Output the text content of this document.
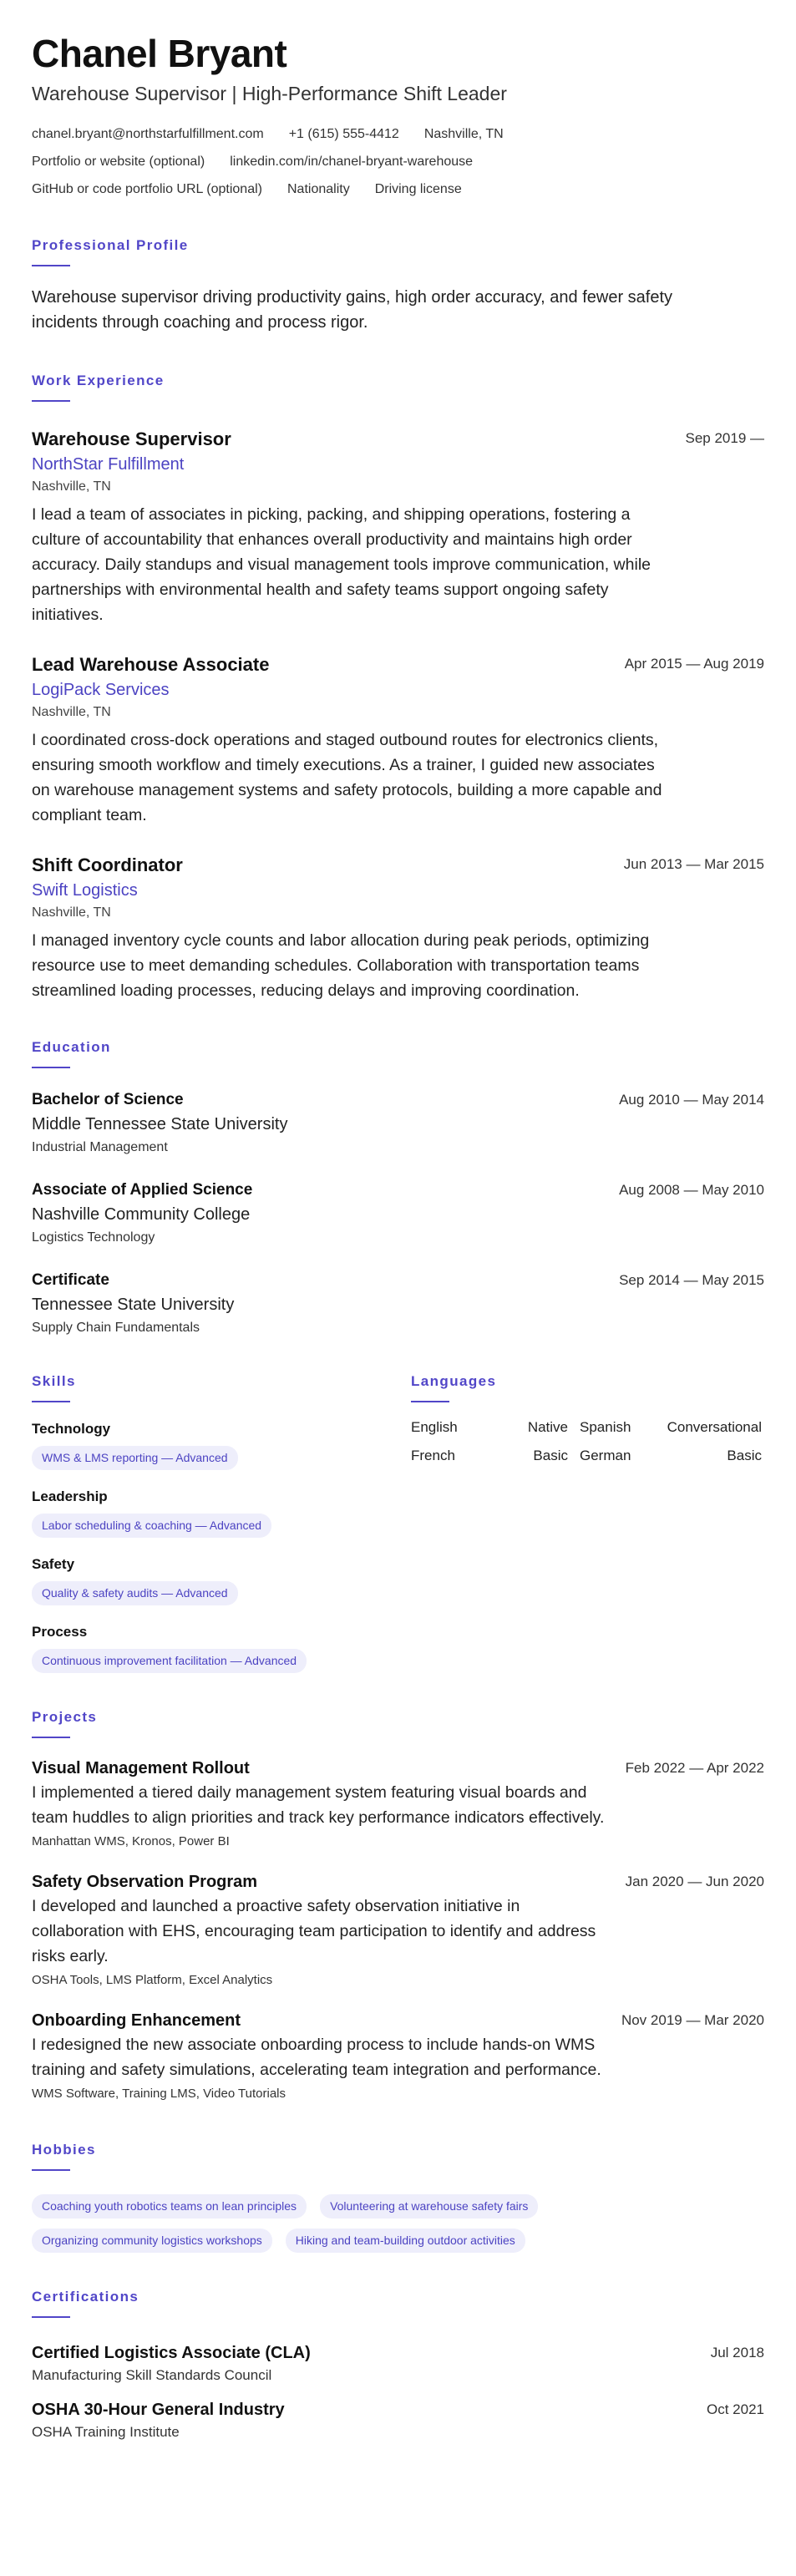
Chanel Bryant
Warehouse Supervisor | High-Performance Shift Leader
chanel.bryant@northstarfulfillment.com +1 (615) 555-4412 Nashville, TN
Portfolio or website (optional) linkedin.com/in/chanel-bryant-warehouse
GitHub or code portfolio URL (optional) Nationality Driving license
Professional Profile
Warehouse supervisor driving productivity gains, high order accuracy, and fewer safety incidents through coaching and process rigor.
Work Experience
Warehouse Supervisor
NorthStar Fulfillment
Nashville, TN
I lead a team of associates in picking, packing, and shipping operations, fostering a culture of accountability that enhances overall productivity and maintains high order accuracy. Daily standups and visual management tools improve communication, while partnerships with environmental health and safety teams support ongoing safety initiatives.
Sep 2019 —
Lead Warehouse Associate
LogiPack Services
Nashville, TN
I coordinated cross-dock operations and staged outbound routes for electronics clients, ensuring smooth workflow and timely executions. As a trainer, I guided new associates on warehouse management systems and safety protocols, building a more capable and compliant team.
Apr 2015 — Aug 2019
Shift Coordinator
Swift Logistics
Nashville, TN
I managed inventory cycle counts and labor allocation during peak periods, optimizing resource use to meet demanding schedules. Collaboration with transportation teams streamlined loading processes, reducing delays and improving coordination.
Jun 2013 — Mar 2015
Education
Bachelor of Science
Middle Tennessee State University
Industrial Management
Aug 2010 — May 2014
Associate of Applied Science
Nashville Community College
Logistics Technology
Aug 2008 — May 2010
Certificate
Tennessee State University
Supply Chain Fundamentals
Sep 2014 — May 2015
Skills
Technology
WMS & LMS reporting — Advanced
Leadership
Labor scheduling & coaching — Advanced
Safety
Quality & safety audits — Advanced
Process
Continuous improvement facilitation — Advanced
Languages
English	Native Spanish	Conversational
French	Basic German	Basic
Projects
Visual Management Rollout
I implemented a tiered daily management system featuring visual boards and team huddles to align priorities and track key performance indicators effectively.
Manhattan WMS, Kronos, Power BI
Feb 2022 — Apr 2022
Safety Observation Program
I developed and launched a proactive safety observation initiative in collaboration with EHS, encouraging team participation to identify and address risks early.
OSHA Tools, LMS Platform, Excel Analytics
Jan 2020 — Jun 2020
Onboarding Enhancement
I redesigned the new associate onboarding process to include hands-on WMS training and safety simulations, accelerating team integration and performance.
WMS Software, Training LMS, Video Tutorials
Nov 2019 — Mar 2020
Hobbies
Coaching youth robotics teams on lean principles	Volunteering at warehouse safety fairs
Organizing community logistics workshops	Hiking and team-building outdoor activities
Certifications
Certified Logistics Associate (CLA)
Manufacturing Skill Standards Council
Jul 2018
OSHA 30-Hour General Industry
OSHA Training Institute
Oct 2021
